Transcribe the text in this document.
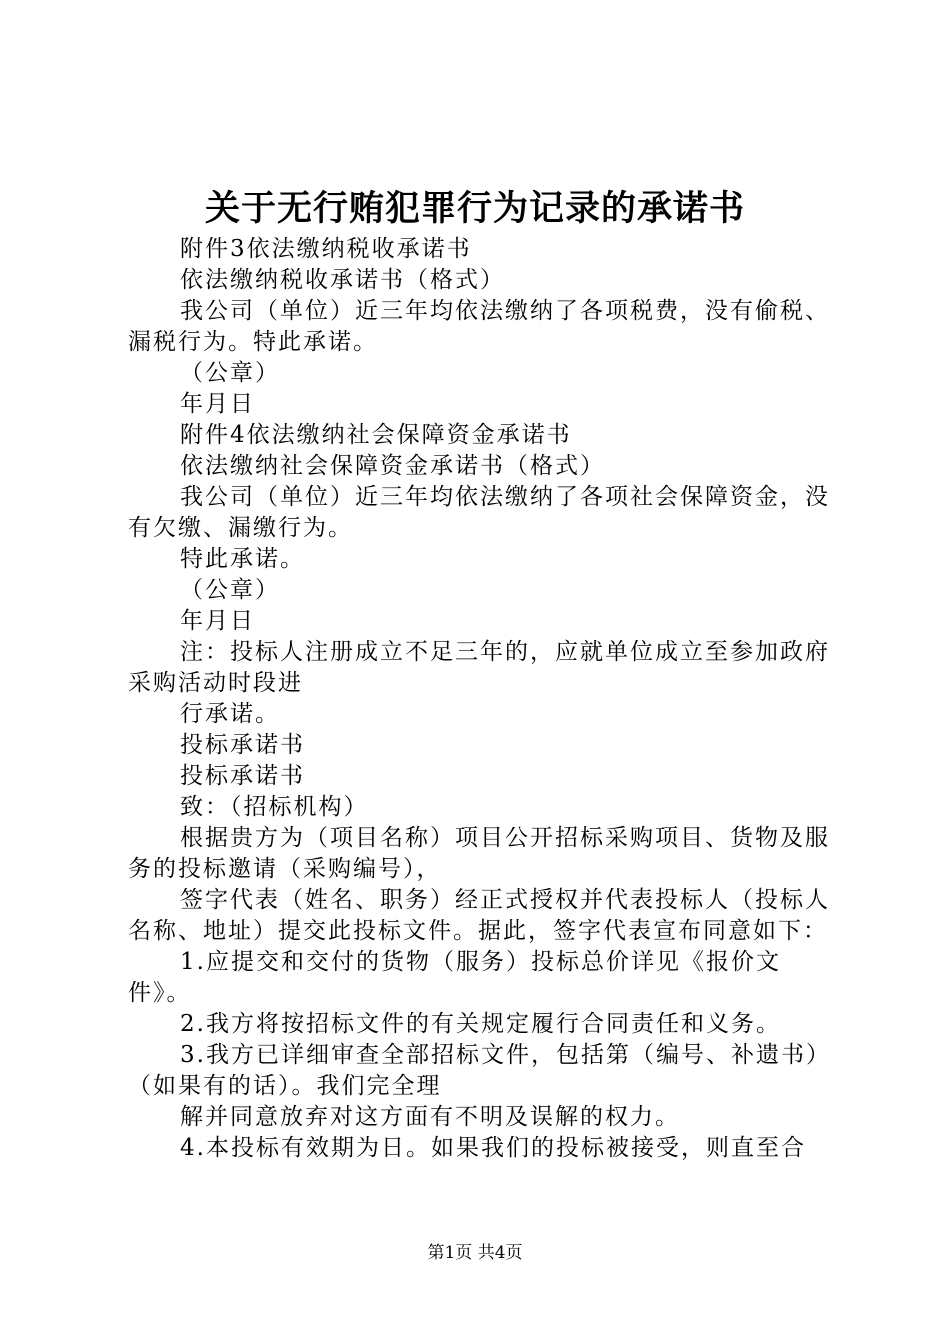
关于无行贿犯罪行为记录的承诺书

附件3依法缴纳税收承诺书

依法缴纳税收承诺书（格式）

我公司（单位）近三年均依法缴纳了各项税费，没有偷税、漏税行为。特此承诺。

（公章）

年月日

附件4依法缴纳社会保障资金承诺书

依法缴纳社会保障资金承诺书（格式）

我公司（单位）近三年均依法缴纳了各项社会保障资金，没有欠缴、漏缴行为。

特此承诺。

（公章）

年月日

注：投标人注册成立不足三年的，应就单位成立至参加政府采购活动时段进

行承诺。

投标承诺书

投标承诺书

致：（招标机构）

根据贵方为（项目名称）项目公开招标采购项目、货物及服务的投标邀请（采购编号），

签字代表（姓名、职务）经正式授权并代表投标人（投标人名称、地址）提交此投标文件。据此，签字代表宣布同意如下：

1.应提交和交付的货物（服务）投标总价详见《报价文件》。

2.我方将按招标文件的有关规定履行合同责任和义务。

3.我方已详细审查全部招标文件，包括第（编号、补遗书）（如果有的话）。我们完全理

解并同意放弃对这方面有不明及误解的权力。

4.本投标有效期为日。如果我们的投标被接受，则直至合

第1页 共4页
